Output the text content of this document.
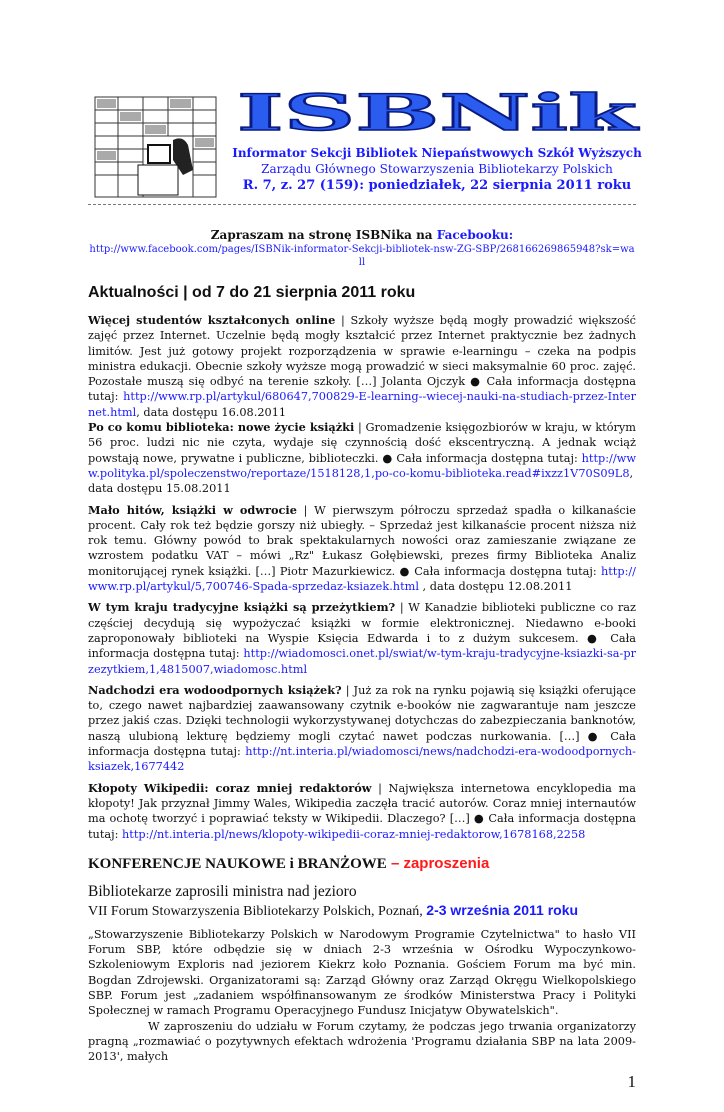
ISBNik
Informator Sekcji Bibliotek Niepaństwowych Szkół Wyższych
Zarządu Głównego Stowarzyszenia Bibliotekarzy Polskich
R. 7, z. 27 (159): poniedziałek, 22 sierpnia 2011 roku
Zapraszam na stronę ISBNika na Facebooku:
http://www.facebook.com/pages/ISBNik-informator-Sekcji-bibliotek-nsw-ZG-SBP/268166269865948?sk=wall
Aktualności | od 7 do 21 sierpnia 2011 roku
Więcej studentów kształconych online | Szkoły wyższe będą mogły prowadzić większość zajęć przez Internet. Uczelnie będą mogły kształcić przez Internet praktycznie bez żadnych limitów. Jest już gotowy projekt rozporządzenia w sprawie e-learningu – czeka na podpis ministra edukacji. Obecnie szkoły wyższe mogą prowadzić w sieci maksymalnie 60 proc. zajęć. Pozostałe muszą się odbyć na terenie szkoły. […] Jolanta Ojczyk ● Cała informacja dostępna tutaj: http://www.rp.pl/artykul/680647,700829-E-learning--wiecej-nauki-na-studiach-przez-Internet.html, data dostępu 16.08.2011
Po co komu biblioteka: nowe życie książki | Gromadzenie księgozbiorów w kraju, w którym 56 proc. ludzi nic nie czyta, wydaje się czynnością dość ekscentryczną. A jednak wciąż powstają nowe, prywatne i publiczne, biblioteczki. ● Cała informacja dostępna tutaj: http://www.polityka.pl/spoleczenstwo/reportaze/1518128,1,po-co-komu-biblioteka.read#ixzz1V70S09L8, data dostępu 15.08.2011
Mało hitów, książki w odwrocie | W pierwszym półroczu sprzedaż spadła o kilkanaście procent. Cały rok też będzie gorszy niż ubiegły. – Sprzedaż jest kilkanaście procent niższa niż rok temu. Główny powód to brak spektakularnych nowości oraz zamieszanie związane ze wzrostem podatku VAT – mówi „Rz" Łukasz Gołębiewski, prezes firmy Biblioteka Analiz monitorującej rynek książki. […] Piotr Mazurkiewicz. ● Cała informacja dostępna tutaj: http://www.rp.pl/artykul/5,700746-Spada-sprzedaz-ksiazek.html , data dostępu 12.08.2011
W tym kraju tradycyjne książki są przeżytkiem? | W Kanadzie biblioteki publiczne co raz częściej decydują się wypożyczać książki w formie elektronicznej. Niedawno e-booki zaproponowały biblioteki na Wyspie Księcia Edwarda i to z dużym sukcesem. ● Cała informacja dostępna tutaj: http://wiadomosci.onet.pl/swiat/w-tym-kraju-tradycyjne-ksiazki-sa-przezytkiem,1,4815007,wiadomosc.html
Nadchodzi era wodoodpornych książek? | Już za rok na rynku pojawią się książki oferujące to, czego nawet najbardziej zaawansowany czytnik e-booków nie zagwarantuje nam jeszcze przez jakiś czas. Dzięki technologii wykorzystywanej dotychczas do zabezpieczania banknotów, naszą ulubioną lekturę będziemy mogli czytać nawet podczas nurkowania. […] ● Cała informacja dostępna tutaj: http://nt.interia.pl/wiadomosci/news/nadchodzi-era-wodoodpornych-ksiazek,1677442
Kłopoty Wikipedii: coraz mniej redaktorów | Największa internetowa encyklopedia ma kłopoty! Jak przyznał Jimmy Wales, Wikipedia zaczęła tracić autorów. Coraz mniej internautów ma ochotę tworzyć i poprawiać teksty w Wikipedii. Dlaczego? […] ● Cała informacja dostępna tutaj: http://nt.interia.pl/news/klopoty-wikipedii-coraz-mniej-redaktorow,1678168,2258
KONFERENCJE NAUKOWE i BRANŻOWE – zaproszenia
Bibliotekarze zaprosili ministra nad jezioro
VII Forum Stowarzyszenia Bibliotekarzy Polskich, Poznań, 2-3 września 2011 roku

„Stowarzyszenie Bibliotekarzy Polskich w Narodowym Programie Czytelnictwa" to hasło VII Forum SBP, które odbędzie się w dniach 2-3 września w Ośrodku Wypoczynkowo-Szkoleniowym Exploris nad jeziorem Kiekrz koło Poznania. Gościem Forum ma być min. Bogdan Zdrojewski. Organizatorami są: Zarząd Główny oraz Zarząd Okręgu Wielkopolskiego SBP. Forum jest „zadaniem współfinansowanym ze środków Ministerstwa Pracy i Polityki Społecznej w ramach Programu Operacyjnego Fundusz Inicjatyw Obywatelskich".

W zaproszeniu do udziału w Forum czytamy, że podczas jego trwania organizatorzy pragną „rozmawiać o pozytywnych efektach wdrożenia 'Programu działania SBP na lata 2009-2013', małych

1
